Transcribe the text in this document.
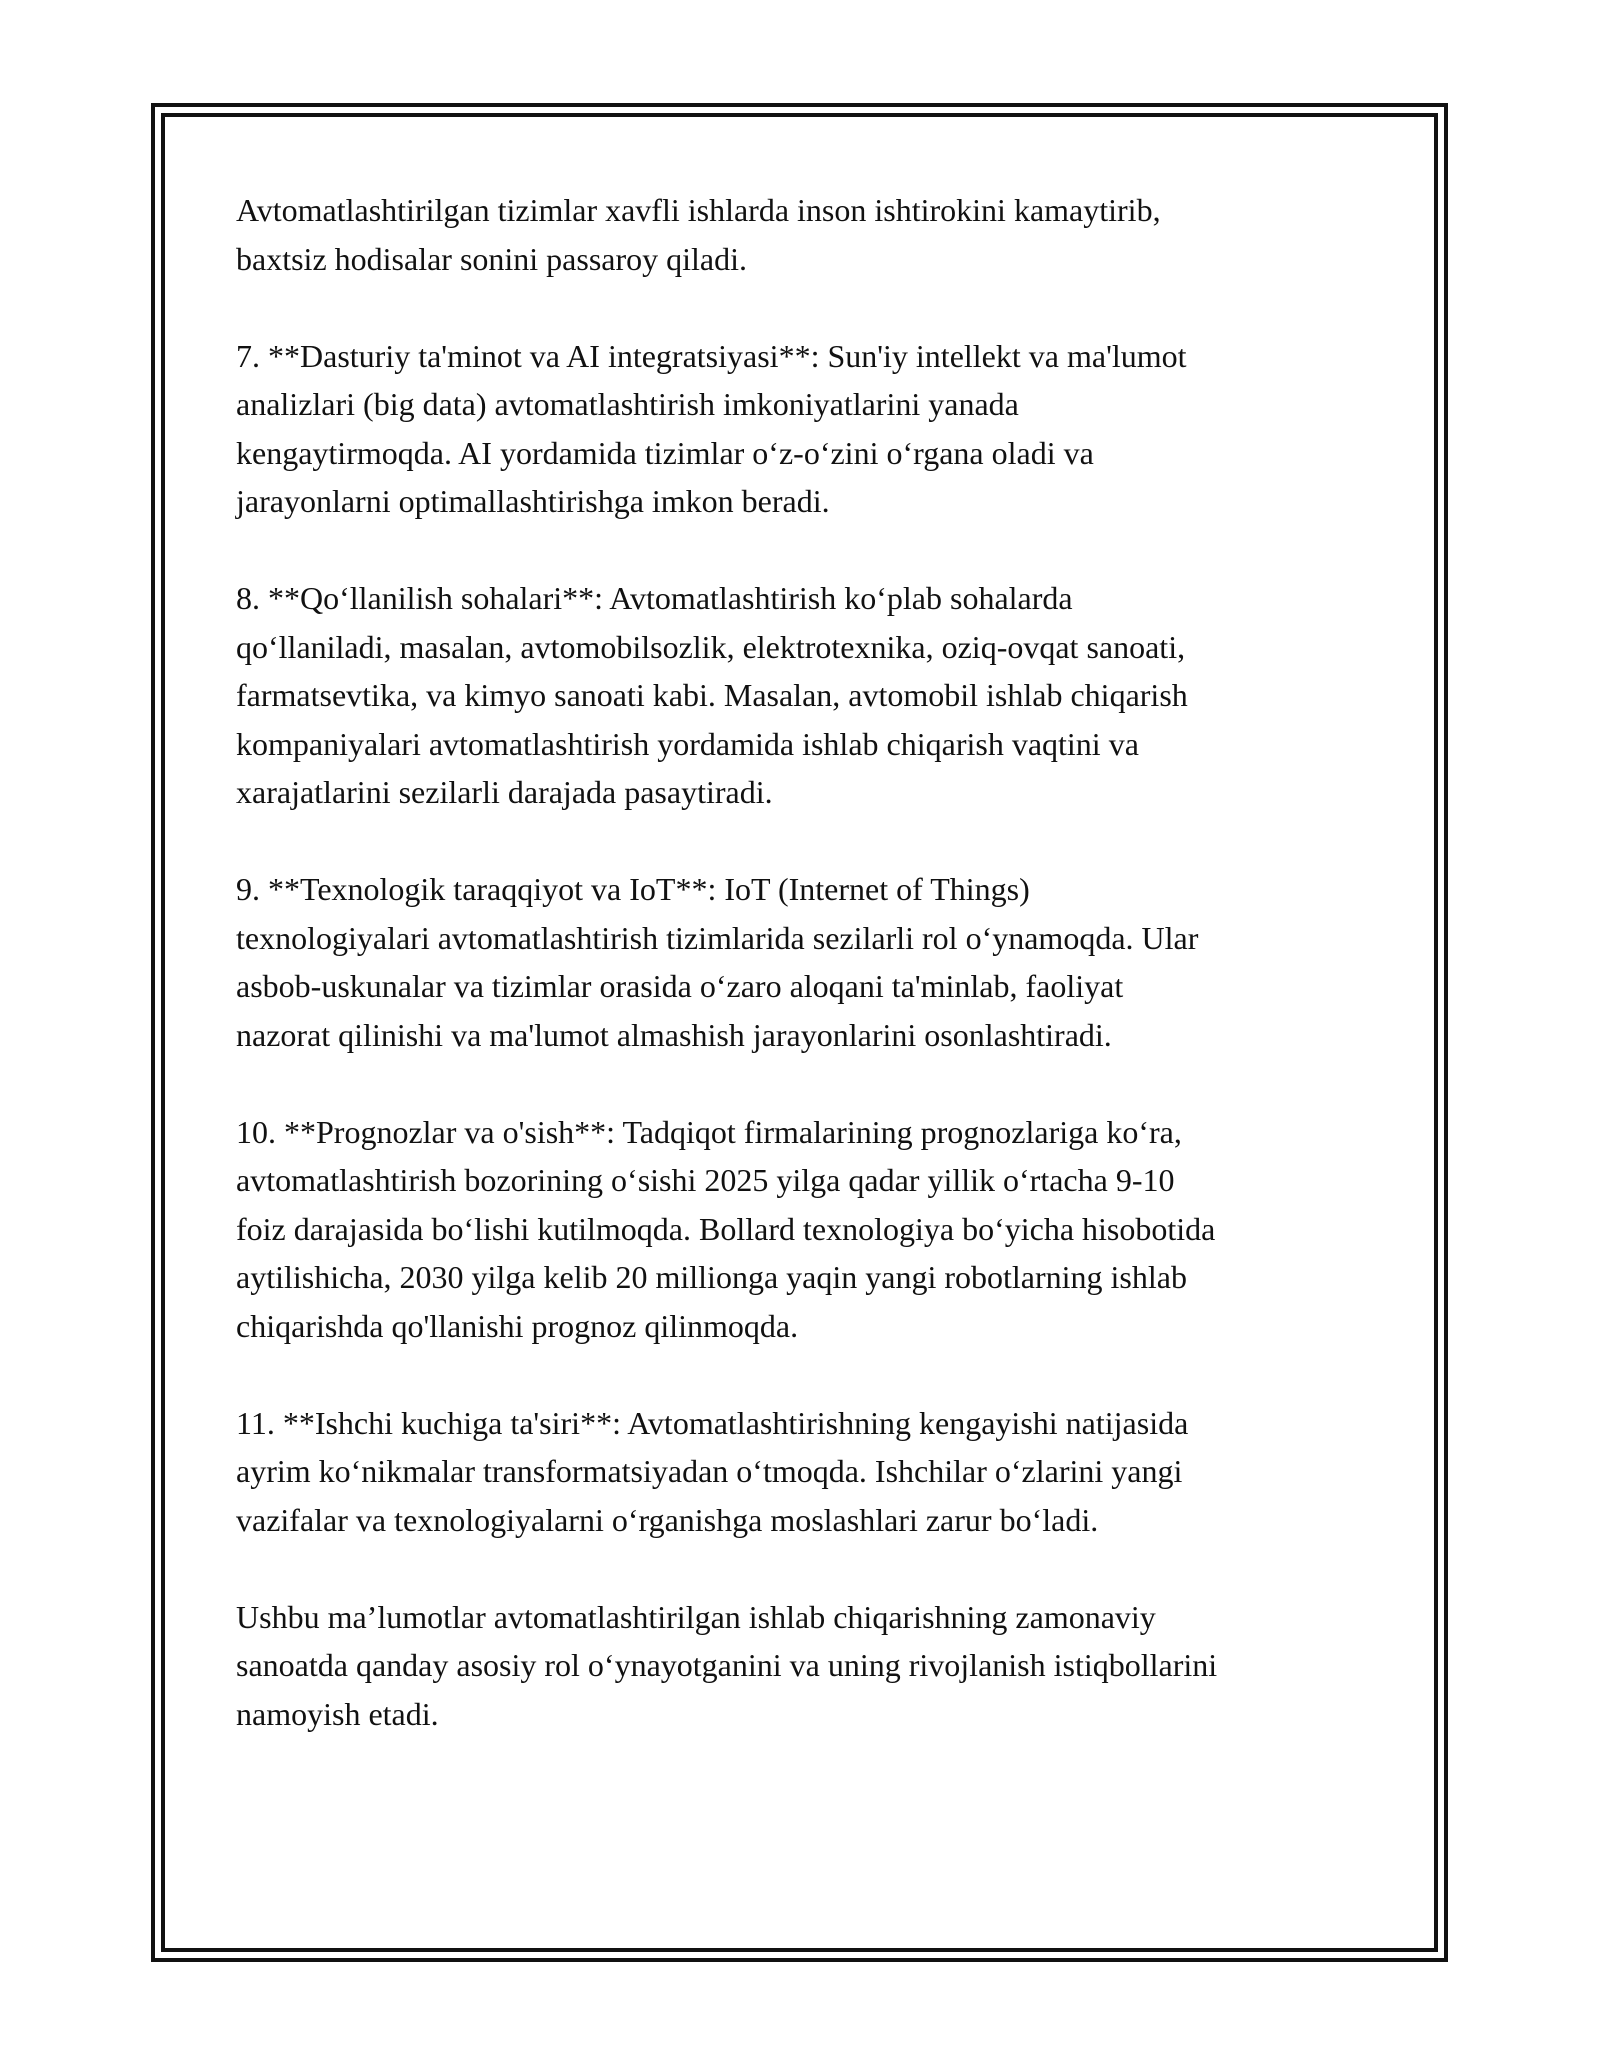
Avtomatlashtirilgan tizimlar xavfli ishlarda inson ishtirokini kamaytirib,
baxtsiz hodisalar sonini passaroy qiladi.

7. **Dasturiy ta'minot va AI integratsiyasi**: Sun'iy intellekt va ma'lumot
analizlari (big data) avtomatlashtirish imkoniyatlarini yanada
kengaytirmoqda. AI yordamida tizimlar o‘z-o‘zini o‘rgana oladi va
jarayonlarni optimallashtirishga imkon beradi.

8. **Qo‘llanilish sohalari**: Avtomatlashtirish ko‘plab sohalarda
qo‘llaniladi, masalan, avtomobilsozlik, elektrotexnika, oziq-ovqat sanoati,
farmatsevtika, va kimyo sanoati kabi. Masalan, avtomobil ishlab chiqarish
kompaniyalari avtomatlashtirish yordamida ishlab chiqarish vaqtini va
xarajatlarini sezilarli darajada pasaytiradi.

9. **Texnologik taraqqiyot va IoT**: IoT (Internet of Things)
texnologiyalari avtomatlashtirish tizimlarida sezilarli rol o‘ynamoqda. Ular
asbob-uskunalar va tizimlar orasida o‘zaro aloqani ta'minlab, faoliyat
nazorat qilinishi va ma'lumot almashish jarayonlarini osonlashtiradi.

10. **Prognozlar va o'sish**: Tadqiqot firmalarining prognozlariga ko‘ra,
avtomatlashtirish bozorining o‘sishi 2025 yilga qadar yillik o‘rtacha 9-10
foiz darajasida bo‘lishi kutilmoqda. Bollard texnologiya bo‘yicha hisobotida
aytilishicha, 2030 yilga kelib 20 millionga yaqin yangi robotlarning ishlab
chiqarishda qo'llanishi prognoz qilinmoqda.

11. **Ishchi kuchiga ta'siri**: Avtomatlashtirishning kengayishi natijasida
ayrim ko‘nikmalar transformatsiyadan o‘tmoqda. Ishchilar o‘zlarini yangi
vazifalar va texnologiyalarni o‘rganishga moslashlari zarur bo‘ladi.

Ushbu ma’lumotlar avtomatlashtirilgan ishlab chiqarishning zamonaviy
sanoatda qanday asosiy rol o‘ynayotganini va uning rivojlanish istiqbollarini
namoyish etadi.
